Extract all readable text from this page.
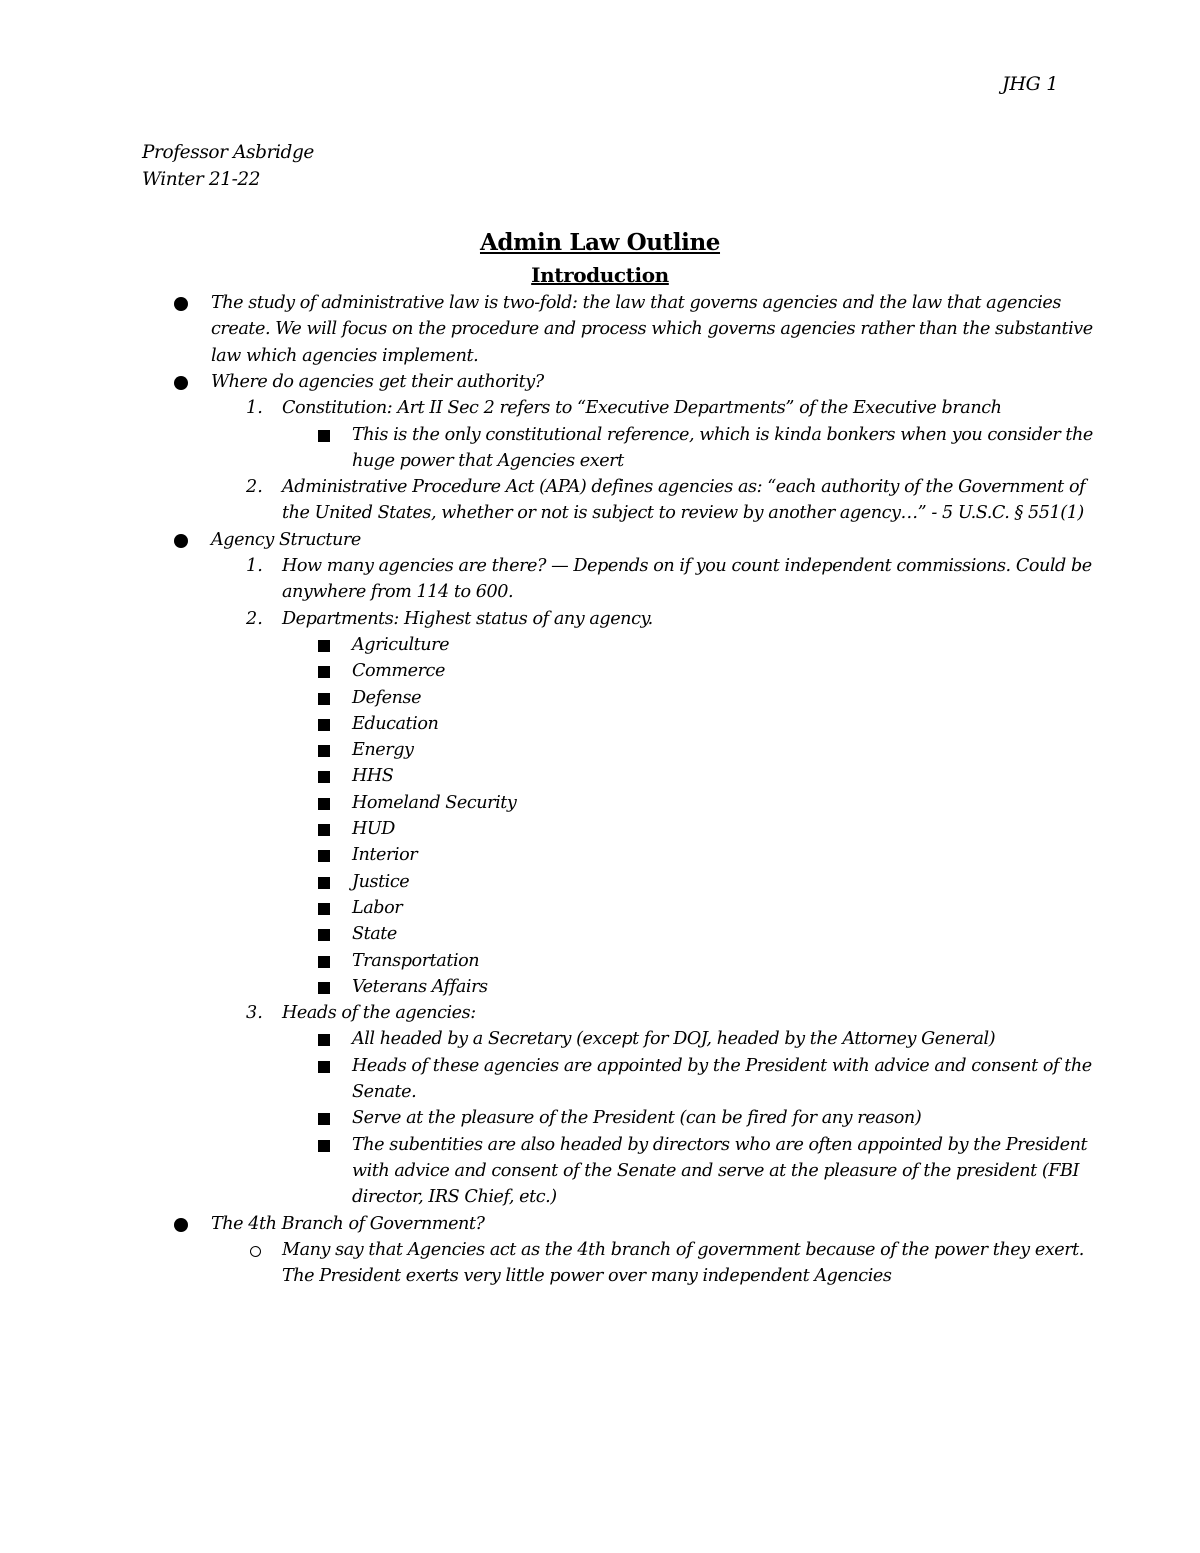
JHG 1
Professor Asbridge
Winter 21-22
Admin Law Outline
Introduction
The study of administrative law is two-fold: the law that governs agencies and the law that agencies
create. We will focus on the procedure and process which governs agencies rather than the substantive
law which agencies implement.
Where do agencies get their authority?
1. Constitution: Art II Sec 2 refers to “Executive Departments” of the Executive branch
This is the only constitutional reference, which is kinda bonkers when you consider the
huge power that Agencies exert
2. Administrative Procedure Act (APA) defines agencies as: “each authority of the Government of
the United States, whether or not is subject to review by another agency…” - 5 U.S.C. § 551(1)
Agency Structure
1. How many agencies are there? — Depends on if you count independent commissions. Could be
anywhere from 114 to 600.
2. Departments: Highest status of any agency.
Agriculture
Commerce
Defense
Education
Energy
HHS
Homeland Security
HUD
Interior
Justice
Labor
State
Transportation
Veterans Affairs
3. Heads of the agencies:
All headed by a Secretary (except for DOJ, headed by the Attorney General)
Heads of these agencies are appointed by the President with advice and consent of the
Senate.
Serve at the pleasure of the President (can be fired for any reason)
The subentities are also headed by directors who are often appointed by the President
with advice and consent of the Senate and serve at the pleasure of the president (FBI
director, IRS Chief, etc.)
The 4th Branch of Government?
Many say that Agencies act as the 4th branch of government because of the power they exert.
The President exerts very little power over many independent Agencies
